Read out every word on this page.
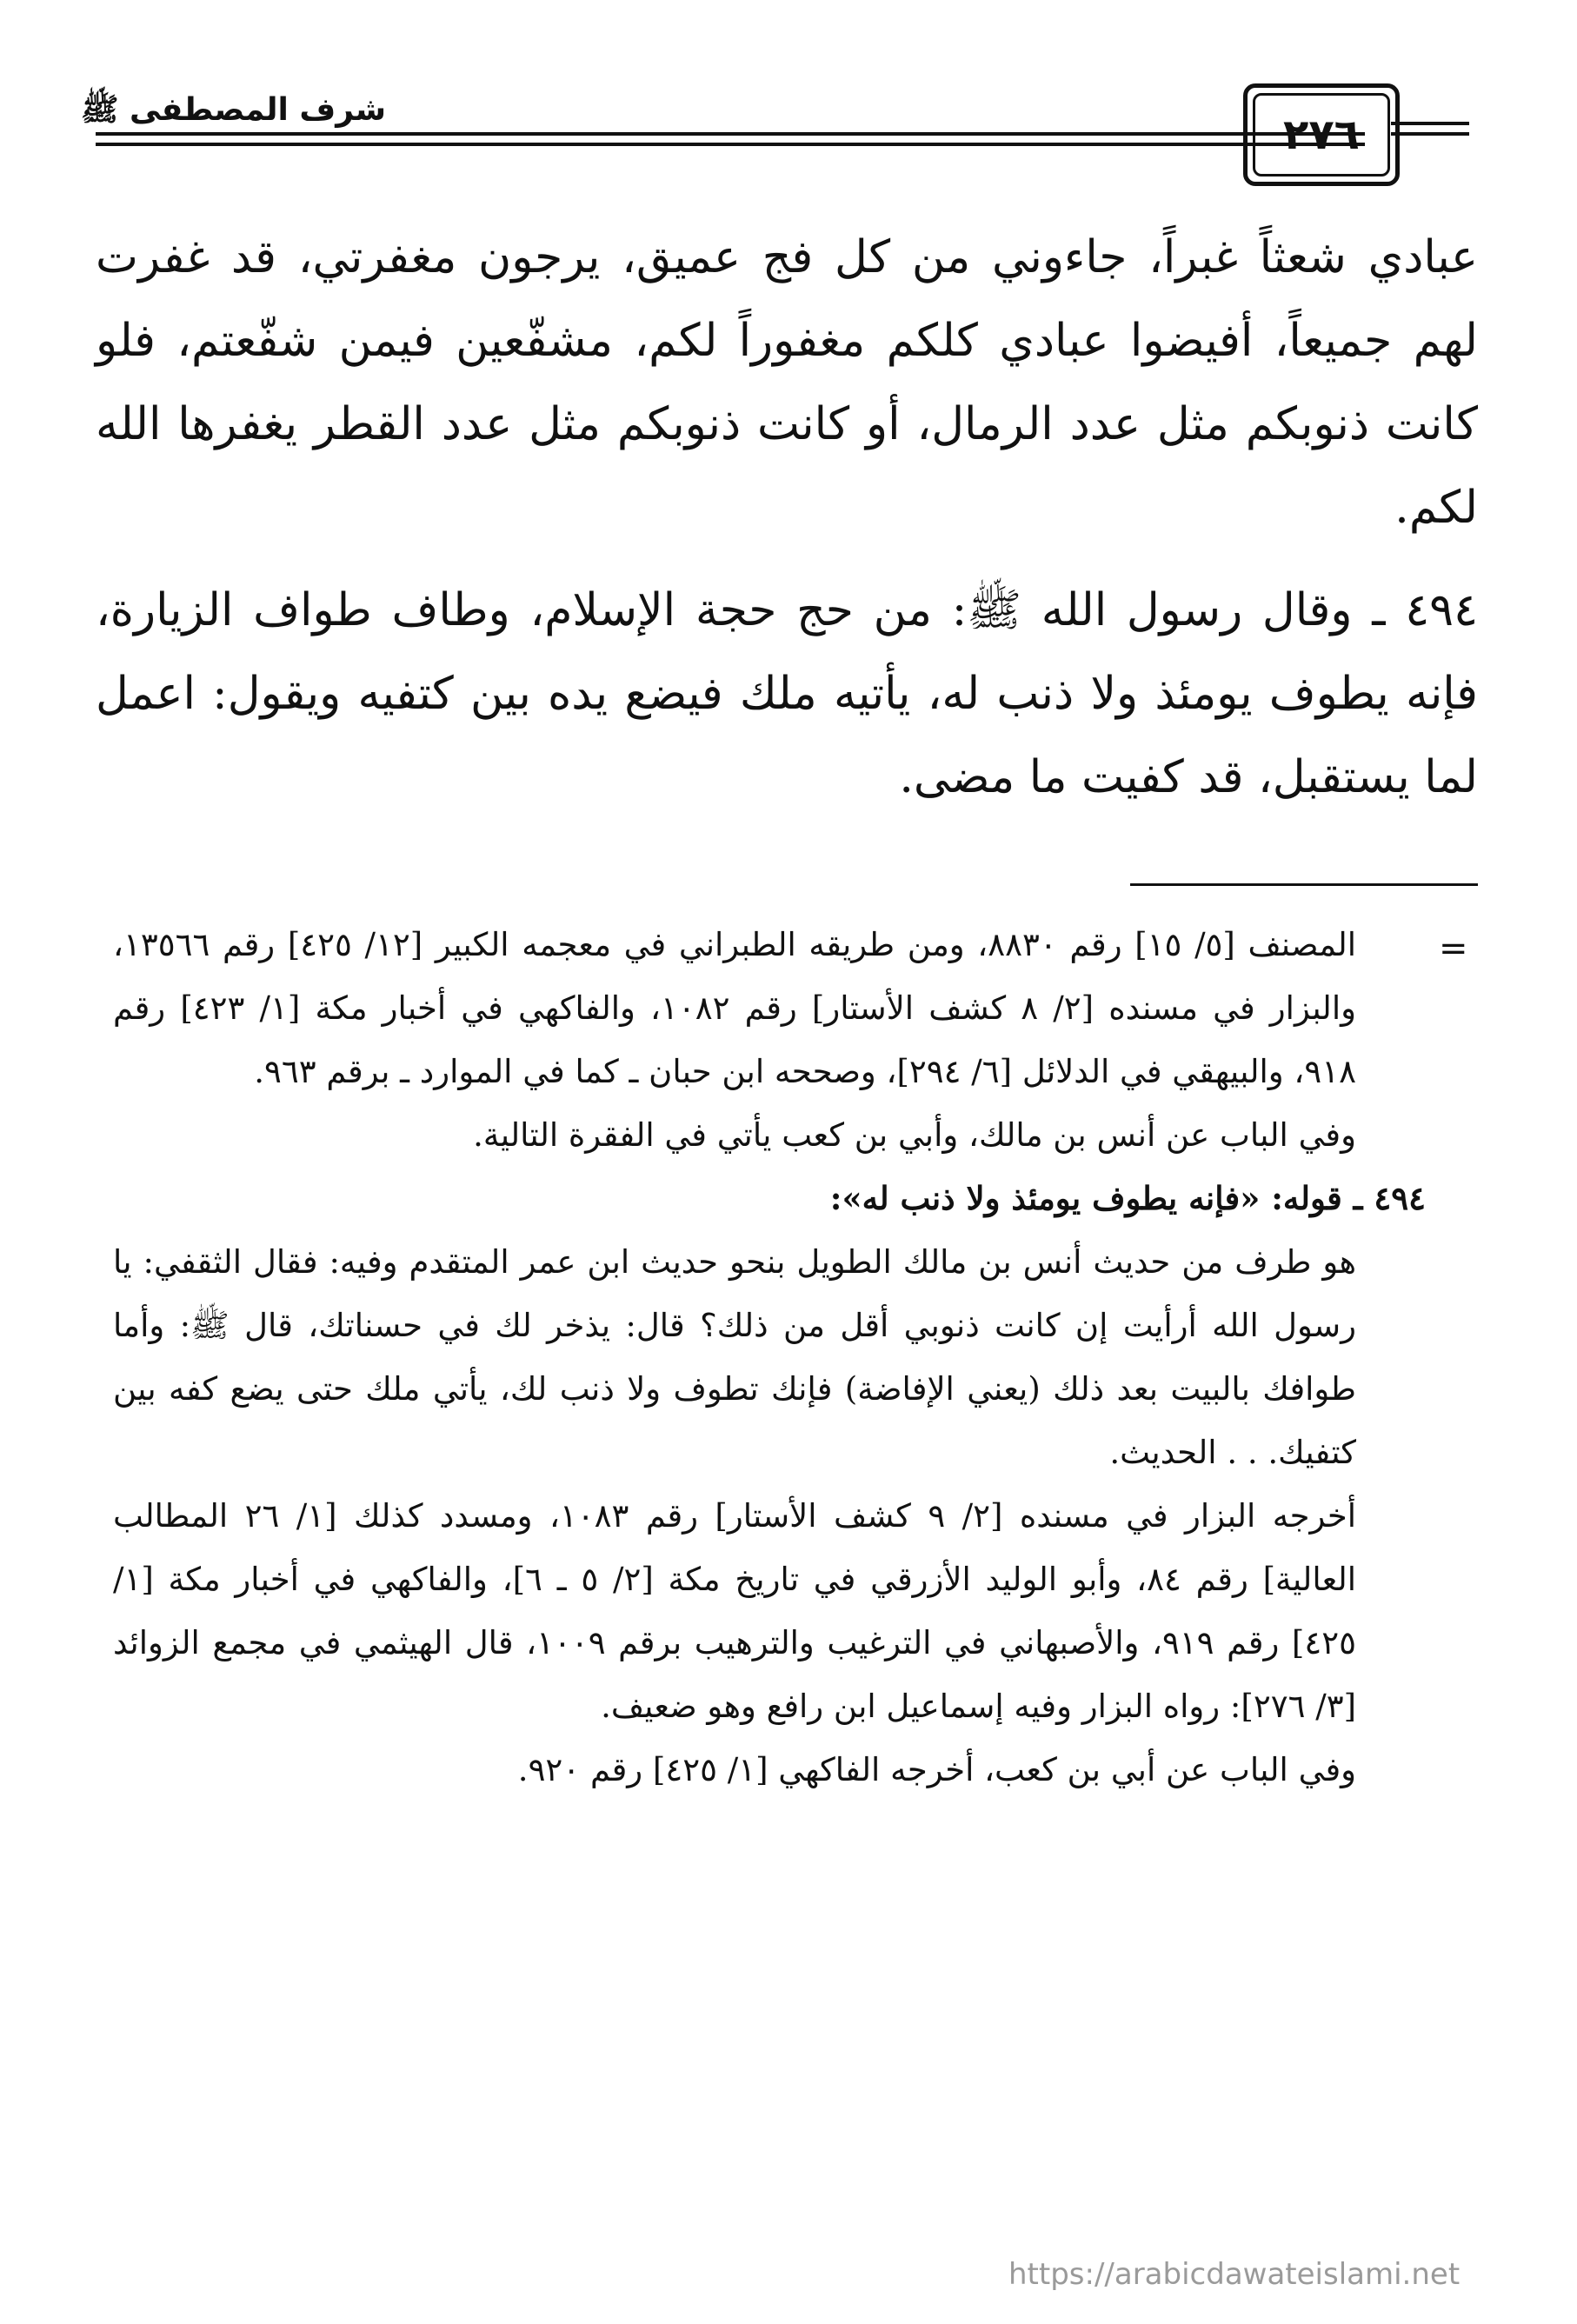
٢٧٦
شرف المصطفى ﷺ

عبادي شعثاً غبراً، جاءوني من كل فج عميق، يرجون مغفرتي، قد غفرت لهم جميعاً، أفيضوا عبادي كلكم مغفوراً لكم، مشفّعين فيمن شفّعتم، فلو كانت ذنوبكم مثل عدد الرمال، أو كانت ذنوبكم مثل عدد القطر يغفرها الله لكم.

٤٩٤ ـ وقال رسول الله ﷺ: من حج حجة الإسلام، وطاف طواف الزيارة، فإنه يطوف يومئذ ولا ذنب له، يأتيه ملك فيضع يده بين كتفيه ويقول: اعمل لما يستقبل، قد كفيت ما مضى.

=

المصنف [٥/ ١٥] رقم ٨٨٣٠، ومن طريقه الطبراني في معجمه الكبير [١٢/ ٤٢٥] رقم ١٣٥٦٦، والبزار في مسنده [٢/ ٨ كشف الأستار] رقم ١٠٨٢، والفاكهي في أخبار مكة [١/ ٤٢٣] رقم ٩١٨، والبيهقي في الدلائل [٦/ ٢٩٤]، وصححه ابن حبان ـ كما في الموارد ـ برقم ٩٦٣.

وفي الباب عن أنس بن مالك، وأبي بن كعب يأتي في الفقرة التالية.

٤٩٤ ـ قوله: «فإنه يطوف يومئذ ولا ذنب له»:

هو طرف من حديث أنس بن مالك الطويل بنحو حديث ابن عمر المتقدم وفيه: فقال الثقفي: يا رسول الله أرأيت إن كانت ذنوبي أقل من ذلك؟ قال: يذخر لك في حسناتك، قال ﷺ: وأما طوافك بالبيت بعد ذلك (يعني الإفاضة) فإنك تطوف ولا ذنب لك، يأتي ملك حتى يضع كفه بين كتفيك. . . الحديث.

أخرجه البزار في مسنده [٢/ ٩ كشف الأستار] رقم ١٠٨٣، ومسدد كذلك [١/ ٢٦ المطالب العالية] رقم ٨٤، وأبو الوليد الأزرقي في تاريخ مكة [٢/ ٥ ـ ٦]، والفاكهي في أخبار مكة [١/ ٤٢٥] رقم ٩١٩، والأصبهاني في الترغيب والترهيب برقم ١٠٠٩، قال الهيثمي في مجمع الزوائد [٣/ ٢٧٦]: رواه البزار وفيه إسماعيل ابن رافع وهو ضعيف.

وفي الباب عن أبي بن كعب، أخرجه الفاكهي [١/ ٤٢٥] رقم ٩٢٠.

https://arabicdawateislami.net
